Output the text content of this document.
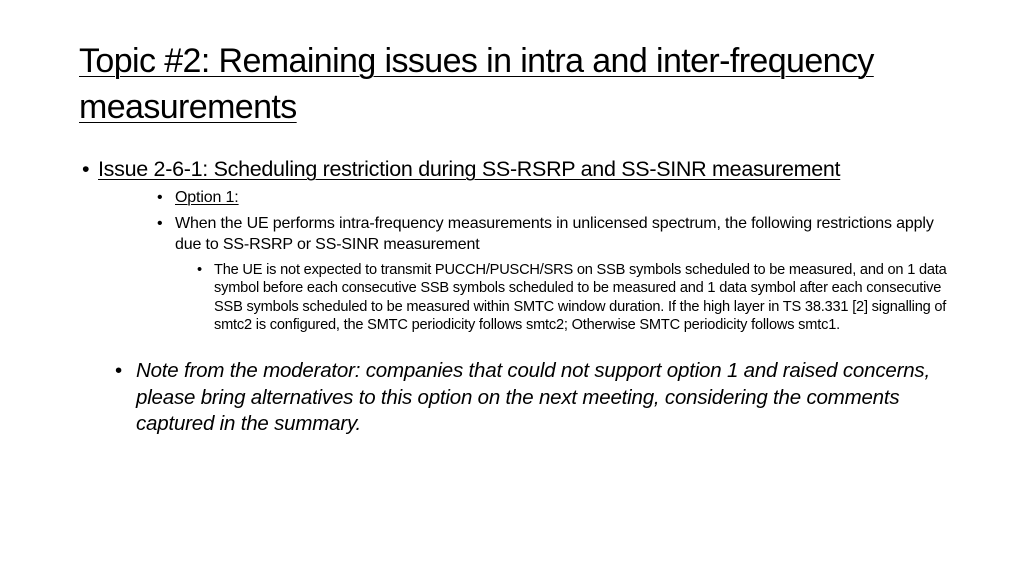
Topic #2: Remaining issues in intra and inter-frequency measurements
• Issue 2-6-1: Scheduling restriction during SS-RSRP and SS-SINR measurement
• Option 1:
• When the UE performs intra-frequency measurements in unlicensed spectrum, the following restrictions apply due to SS-RSRP or SS-SINR measurement
• The UE is not expected to transmit PUCCH/PUSCH/SRS on SSB symbols scheduled to be measured, and on 1 data symbol before each consecutive SSB symbols scheduled to be measured and 1 data symbol after each consecutive SSB symbols scheduled to be measured within SMTC window duration. If the high layer in TS 38.331 [2] signalling of smtc2 is configured, the SMTC periodicity follows smtc2; Otherwise SMTC periodicity follows smtc1.
• Note from the moderator: companies that could not support option 1 and raised concerns, please bring alternatives to this option on the next meeting, considering the comments captured in the summary.
